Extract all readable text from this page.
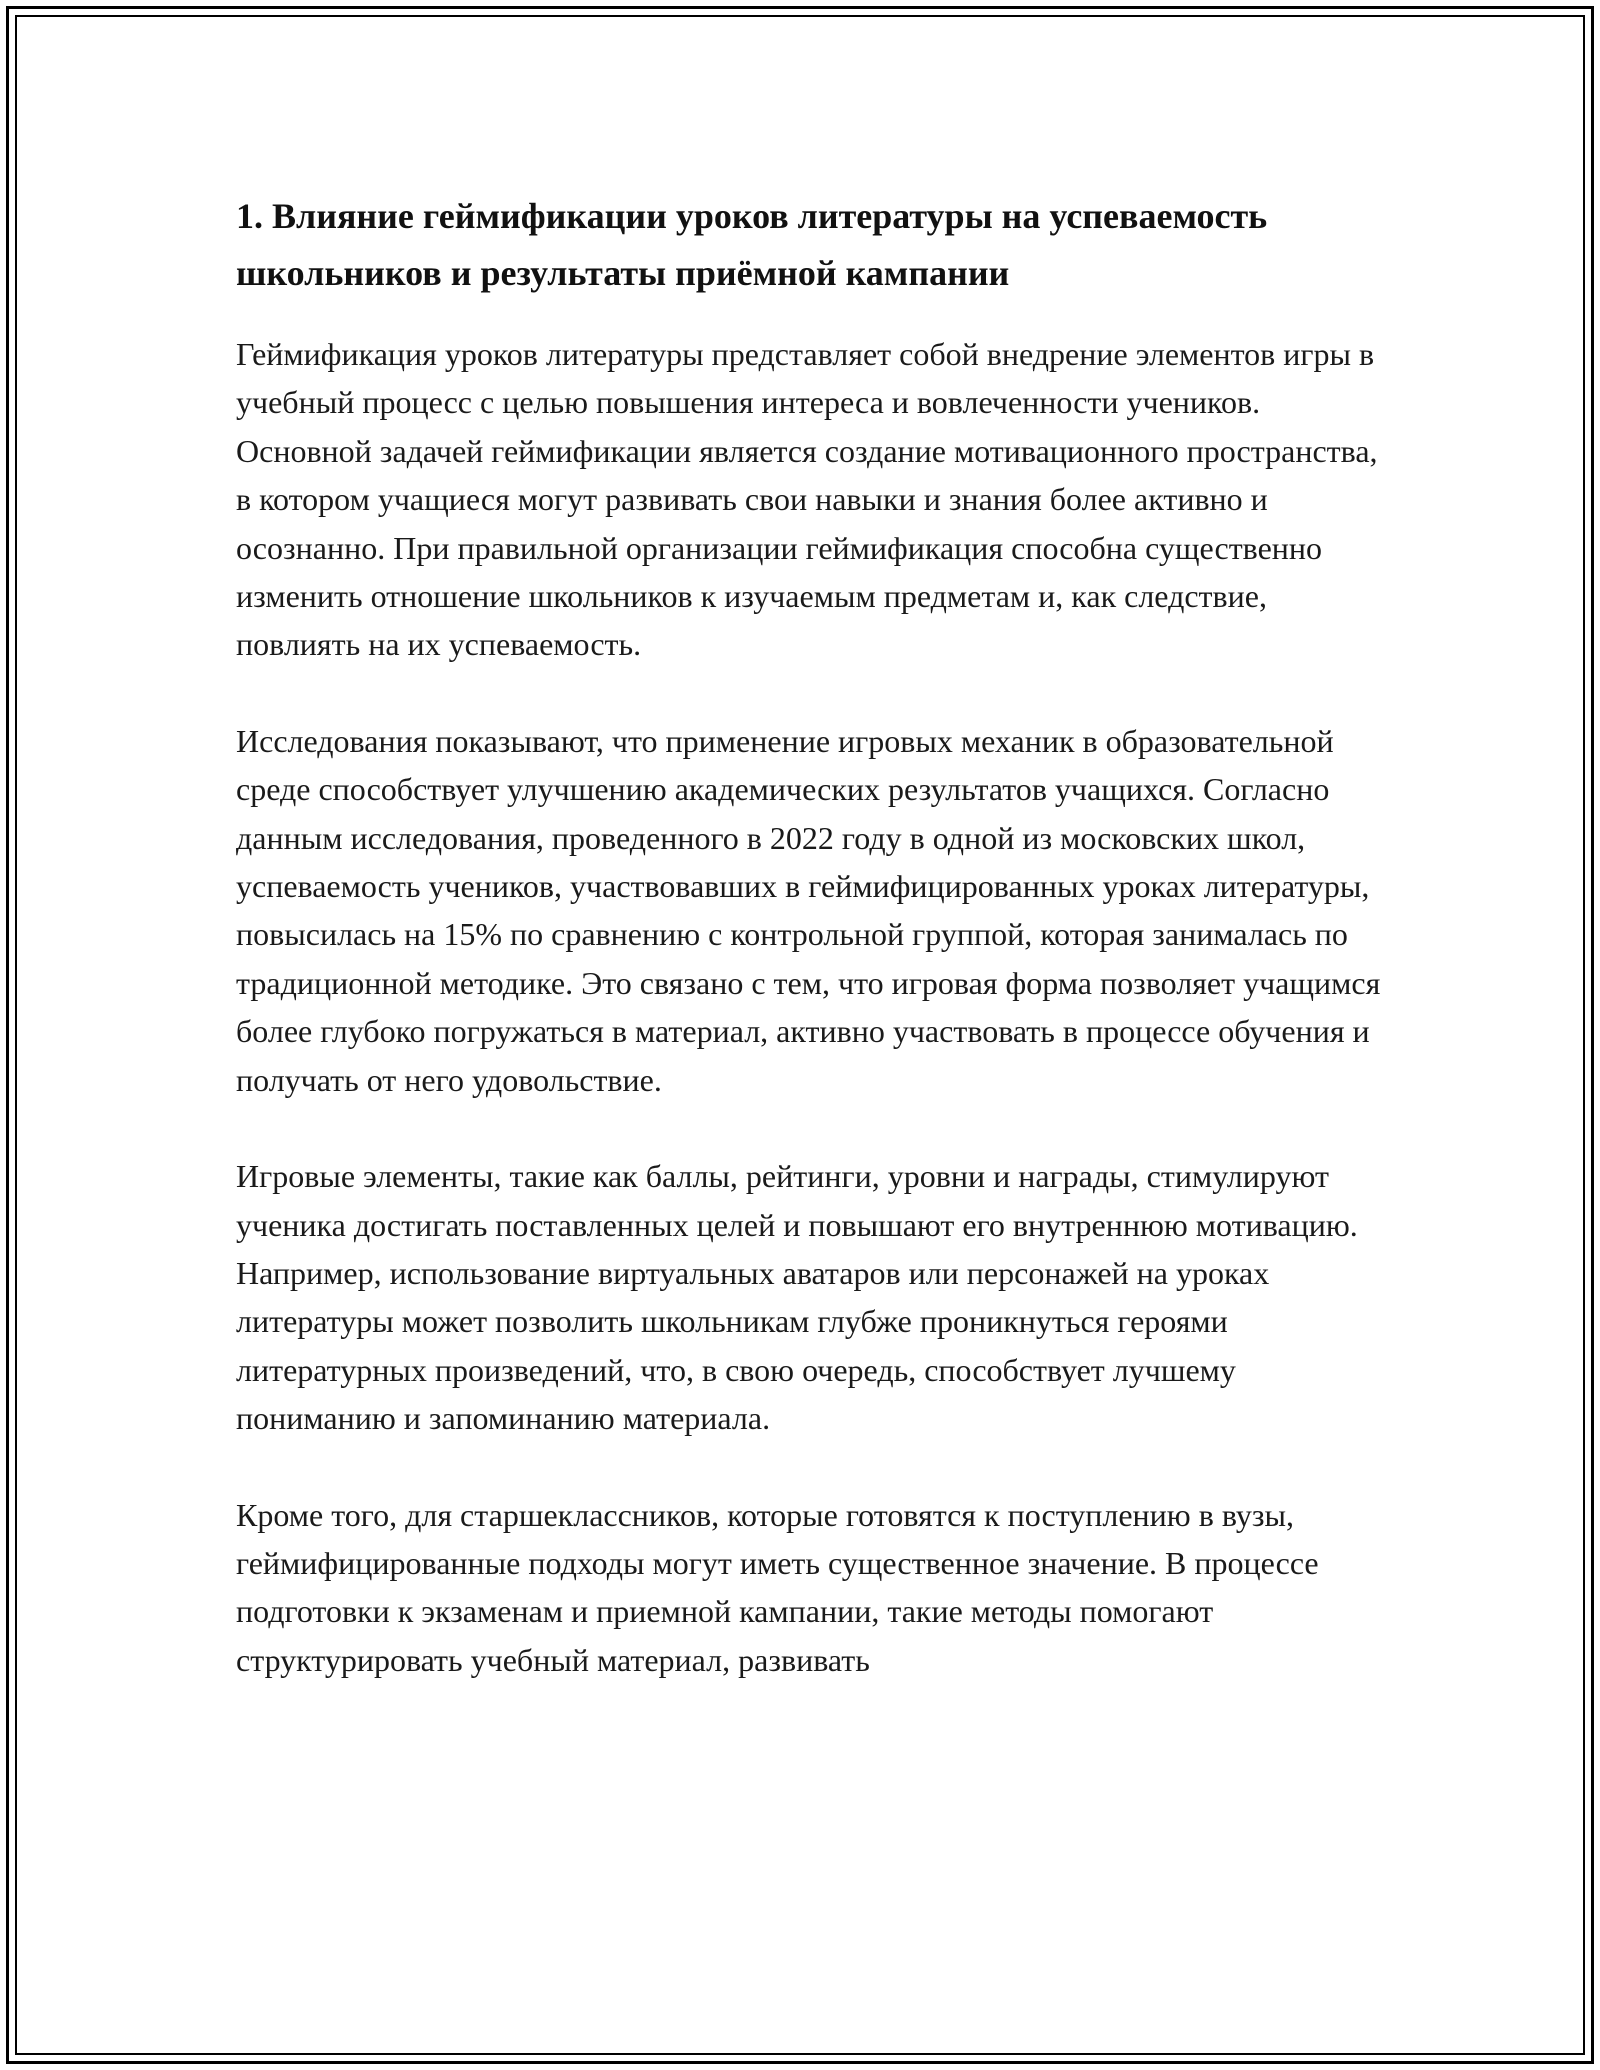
1. Влияние геймификации уроков литературы на успеваемость школьников и результаты приёмной кампании

Геймификация уроков литературы представляет собой внедрение элементов игры в учебный процесс с целью повышения интереса и вовлеченности учеников. Основной задачей геймификации является создание мотивационного пространства, в котором учащиеся могут развивать свои навыки и знания более активно и осознанно. При правильной организации геймификация способна существенно изменить отношение школьников к изучаемым предметам и, как следствие, повлиять на их успеваемость.

Исследования показывают, что применение игровых механик в образовательной среде способствует улучшению академических результатов учащихся. Согласно данным исследования, проведенного в 2022 году в одной из московских школ, успеваемость учеников, участвовавших в геймифицированных уроках литературы, повысилась на 15% по сравнению с контрольной группой, которая занималась по традиционной методике. Это связано с тем, что игровая форма позволяет учащимся более глубоко погружаться в материал, активно участвовать в процессе обучения и получать от него удовольствие.

Игровые элементы, такие как баллы, рейтинги, уровни и награды, стимулируют ученика достигать поставленных целей и повышают его внутреннюю мотивацию. Например, использование виртуальных аватаров или персонажей на уроках литературы может позволить школьникам глубже проникнуться героями литературных произведений, что, в свою очередь, способствует лучшему пониманию и запоминанию материала.

Кроме того, для старшеклассников, которые готовятся к поступлению в вузы, геймифицированные подходы могут иметь существенное значение. В процессе подготовки к экзаменам и приемной кампании, такие методы помогают структурировать учебный материал, развивать
